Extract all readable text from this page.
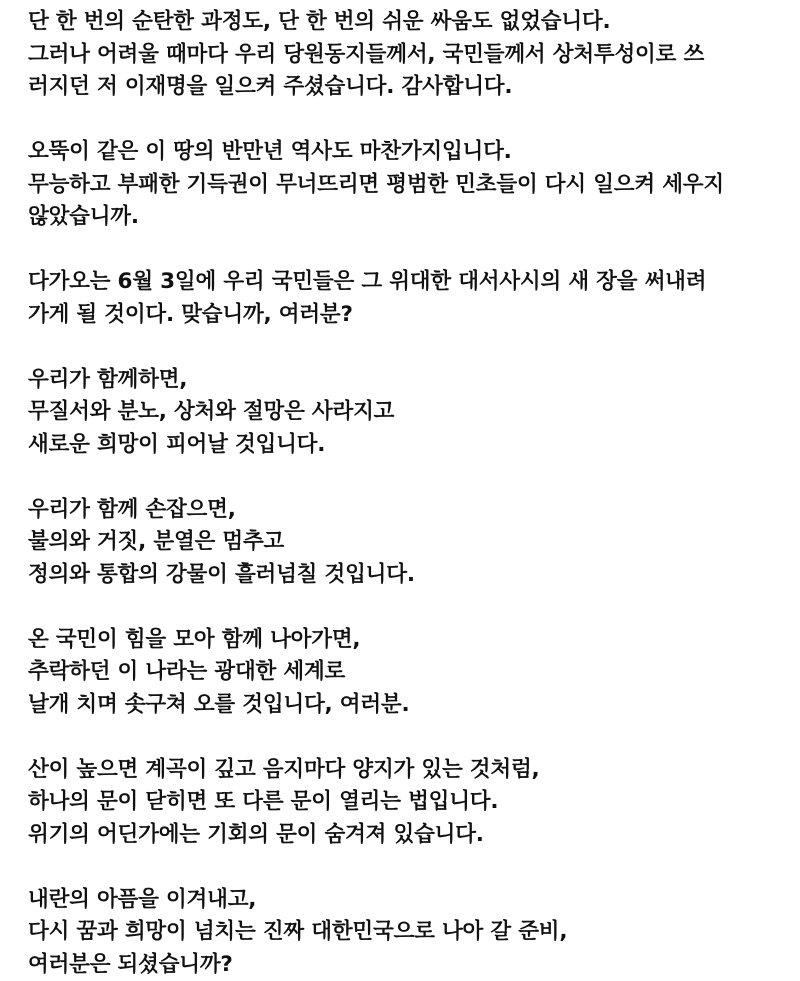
단 한 번의 순탄한 과정도, 단 한 번의 쉬운 싸움도 없었습니다.
그러나 어려울 때마다 우리 당원동지들께서, 국민들께서 상처투성이로 쓰
러지던 저 이재명을 일으켜 주셨습니다. 감사합니다.

오뚝이 같은 이 땅의 반만년 역사도 마찬가지입니다.
무능하고 부패한 기득권이 무너뜨리면 평범한 민초들이 다시 일으켜 세우지
않았습니까.

다가오는 6월 3일에 우리 국민들은 그 위대한 대서사시의 새 장을 써내려
가게 될 것이다. 맞습니까, 여러분?

우리가 함께하면,
무질서와 분노, 상처와 절망은 사라지고
새로운 희망이 피어날 것입니다.

우리가 함께 손잡으면,
불의와 거짓, 분열은 멈추고
정의와 통합의 강물이 흘러넘칠 것입니다.

온 국민이 힘을 모아 함께 나아가면,
추락하던 이 나라는 광대한 세계로
날개 치며 솟구쳐 오를 것입니다, 여러분.

산이 높으면 계곡이 깊고 음지마다 양지가 있는 것처럼,
하나의 문이 닫히면 또 다른 문이 열리는 법입니다.
위기의 어딘가에는 기회의 문이 숨겨져 있습니다.

내란의 아픔을 이겨내고,
다시 꿈과 희망이 넘치는 진짜 대한민국으로 나아 갈 준비,
여러분은 되셨습니까?
